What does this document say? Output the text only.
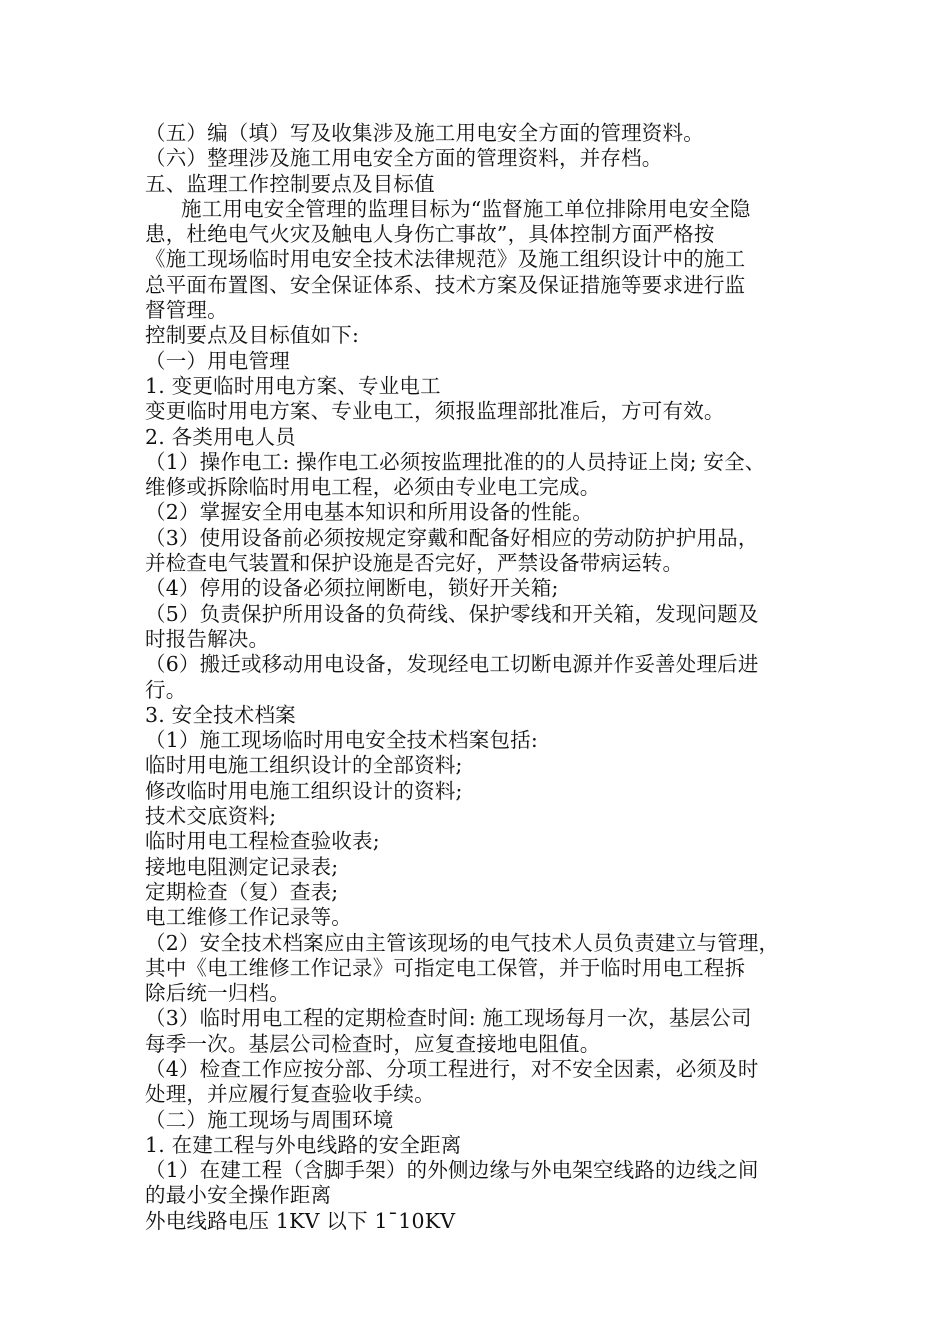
（五）编（填）写及收集涉及施工用电安全方面的管理资料。
（六）整理涉及施工用电安全方面的管理资料，并存档。
五、监理工作控制要点及目标值
施工用电安全管理的监理目标为“监督施工单位排除用电安全隐
患，杜绝电气火灾及触电人身伤亡事故”，具体控制方面严格按
《施工现场临时用电安全技术法律规范》及施工组织设计中的施工
总平面布置图、安全保证体系、技术方案及保证措施等要求进行监
督管理。
控制要点及目标值如下:
（一）用电管理
1. 变更临时用电方案、专业电工
变更临时用电方案、专业电工，须报监理部批准后，方可有效。
2. 各类用电人员
（1）操作电工: 操作电工必须按监理批准的的人员持证上岗; 安全、
维修或拆除临时用电工程，必须由专业电工完成。
（2）掌握安全用电基本知识和所用设备的性能。
（3）使用设备前必须按规定穿戴和配备好相应的劳动防护护用品，
并检查电气装置和保护设施是否完好，严禁设备带病运转。
（4）停用的设备必须拉闸断电，锁好开关箱;
（5）负责保护所用设备的负荷线、保护零线和开关箱，发现问题及
时报告解决。
（6）搬迁或移动用电设备，发现经电工切断电源并作妥善处理后进
行。
3. 安全技术档案
（1）施工现场临时用电安全技术档案包括:
临时用电施工组织设计的全部资料;
修改临时用电施工组织设计的资料;
技术交底资料;
临时用电工程检查验收表;
接地电阻测定记录表;
定期检查（复）查表;
电工维修工作记录等。
（2）安全技术档案应由主管该现场的电气技术人员负责建立与管理，
其中《电工维修工作记录》可指定电工保管，并于临时用电工程拆
除后统一归档。
（3）临时用电工程的定期检查时间: 施工现场每月一次，基层公司
每季一次。基层公司检查时，应复查接地电阻值。
（4）检查工作应按分部、分项工程进行，对不安全因素，必须及时
处理，并应履行复查验收手续。
（二）施工现场与周围环境
1. 在建工程与外电线路的安全距离
（1）在建工程（含脚手架）的外侧边缘与外电架空线路的边线之间
的最小安全操作距离
外电线路电压 1KV 以下 1¯10KV
